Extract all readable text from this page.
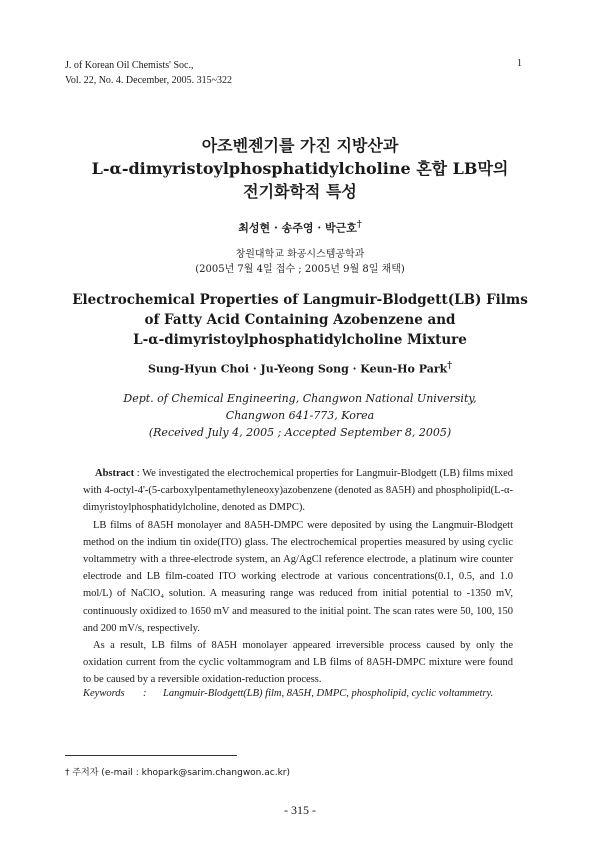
J. of Korean Oil Chemists' Soc.,
Vol. 22, No. 4. December, 2005. 315~322
1
아조벤젠기를 가진 지방산과
L-α-dimyristoylphosphatidylcholine 혼합 LB막의
전기화학적 특성
최성현 · 송주영 · 박근호†
창원대학교 화공시스템공학과
(2005년 7월 4일 접수 ; 2005년 9월 8일 채택)
Electrochemical Properties of Langmuir-Blodgett(LB) Films
of Fatty Acid Containing Azobenzene and
L-α-dimyristoylphosphatidylcholine Mixture
Sung-Hyun Choi · Ju-Yeong Song · Keun-Ho Park†
Dept. of Chemical Engineering, Changwon National University,
Changwon 641-773, Korea
(Received July 4, 2005 ; Accepted September 8, 2005)

Abstract : We investigated the electrochemical properties for Langmuir-Blodgett (LB) films mixed with 4-octyl-4'-(5-carboxylpentamethyleneoxy)azobenzene (denoted as 8A5H) and phospholipid(L-α-dimyristoylphosphatidylcholine, denoted as DMPC).

LB films of 8A5H monolayer and 8A5H-DMPC were deposited by using the Langmuir-Blodgett method on the indium tin oxide(ITO) glass. The electrochemical properties measured by using cyclic voltammetry with a three-electrode system, an Ag/AgCl reference electrode, a platinum wire counter electrode and LB film-coated ITO working electrode at various concentrations(0.1, 0.5, and 1.0 mol/L) of NaClO₄ solution. A measuring range was reduced from initial potential to -1350 mV, continuously oxidized to 1650 mV and measured to the initial point. The scan rates were 50, 100, 150 and 200 mV/s, respectively.

As a result, LB films of 8A5H monolayer appeared irreversible process caused by only the oxidation current from the cyclic voltammogram and LB films of 8A5H-DMPC mixture were found to be caused by a reversible oxidation-reduction process.

Keywords	:	Langmuir-Blodgett(LB) film, 8A5H, DMPC, phospholipid, cyclic voltammetry.
† 주저자 (e-mail : khopark@sarim.changwon.ac.kr)
- 315 -
